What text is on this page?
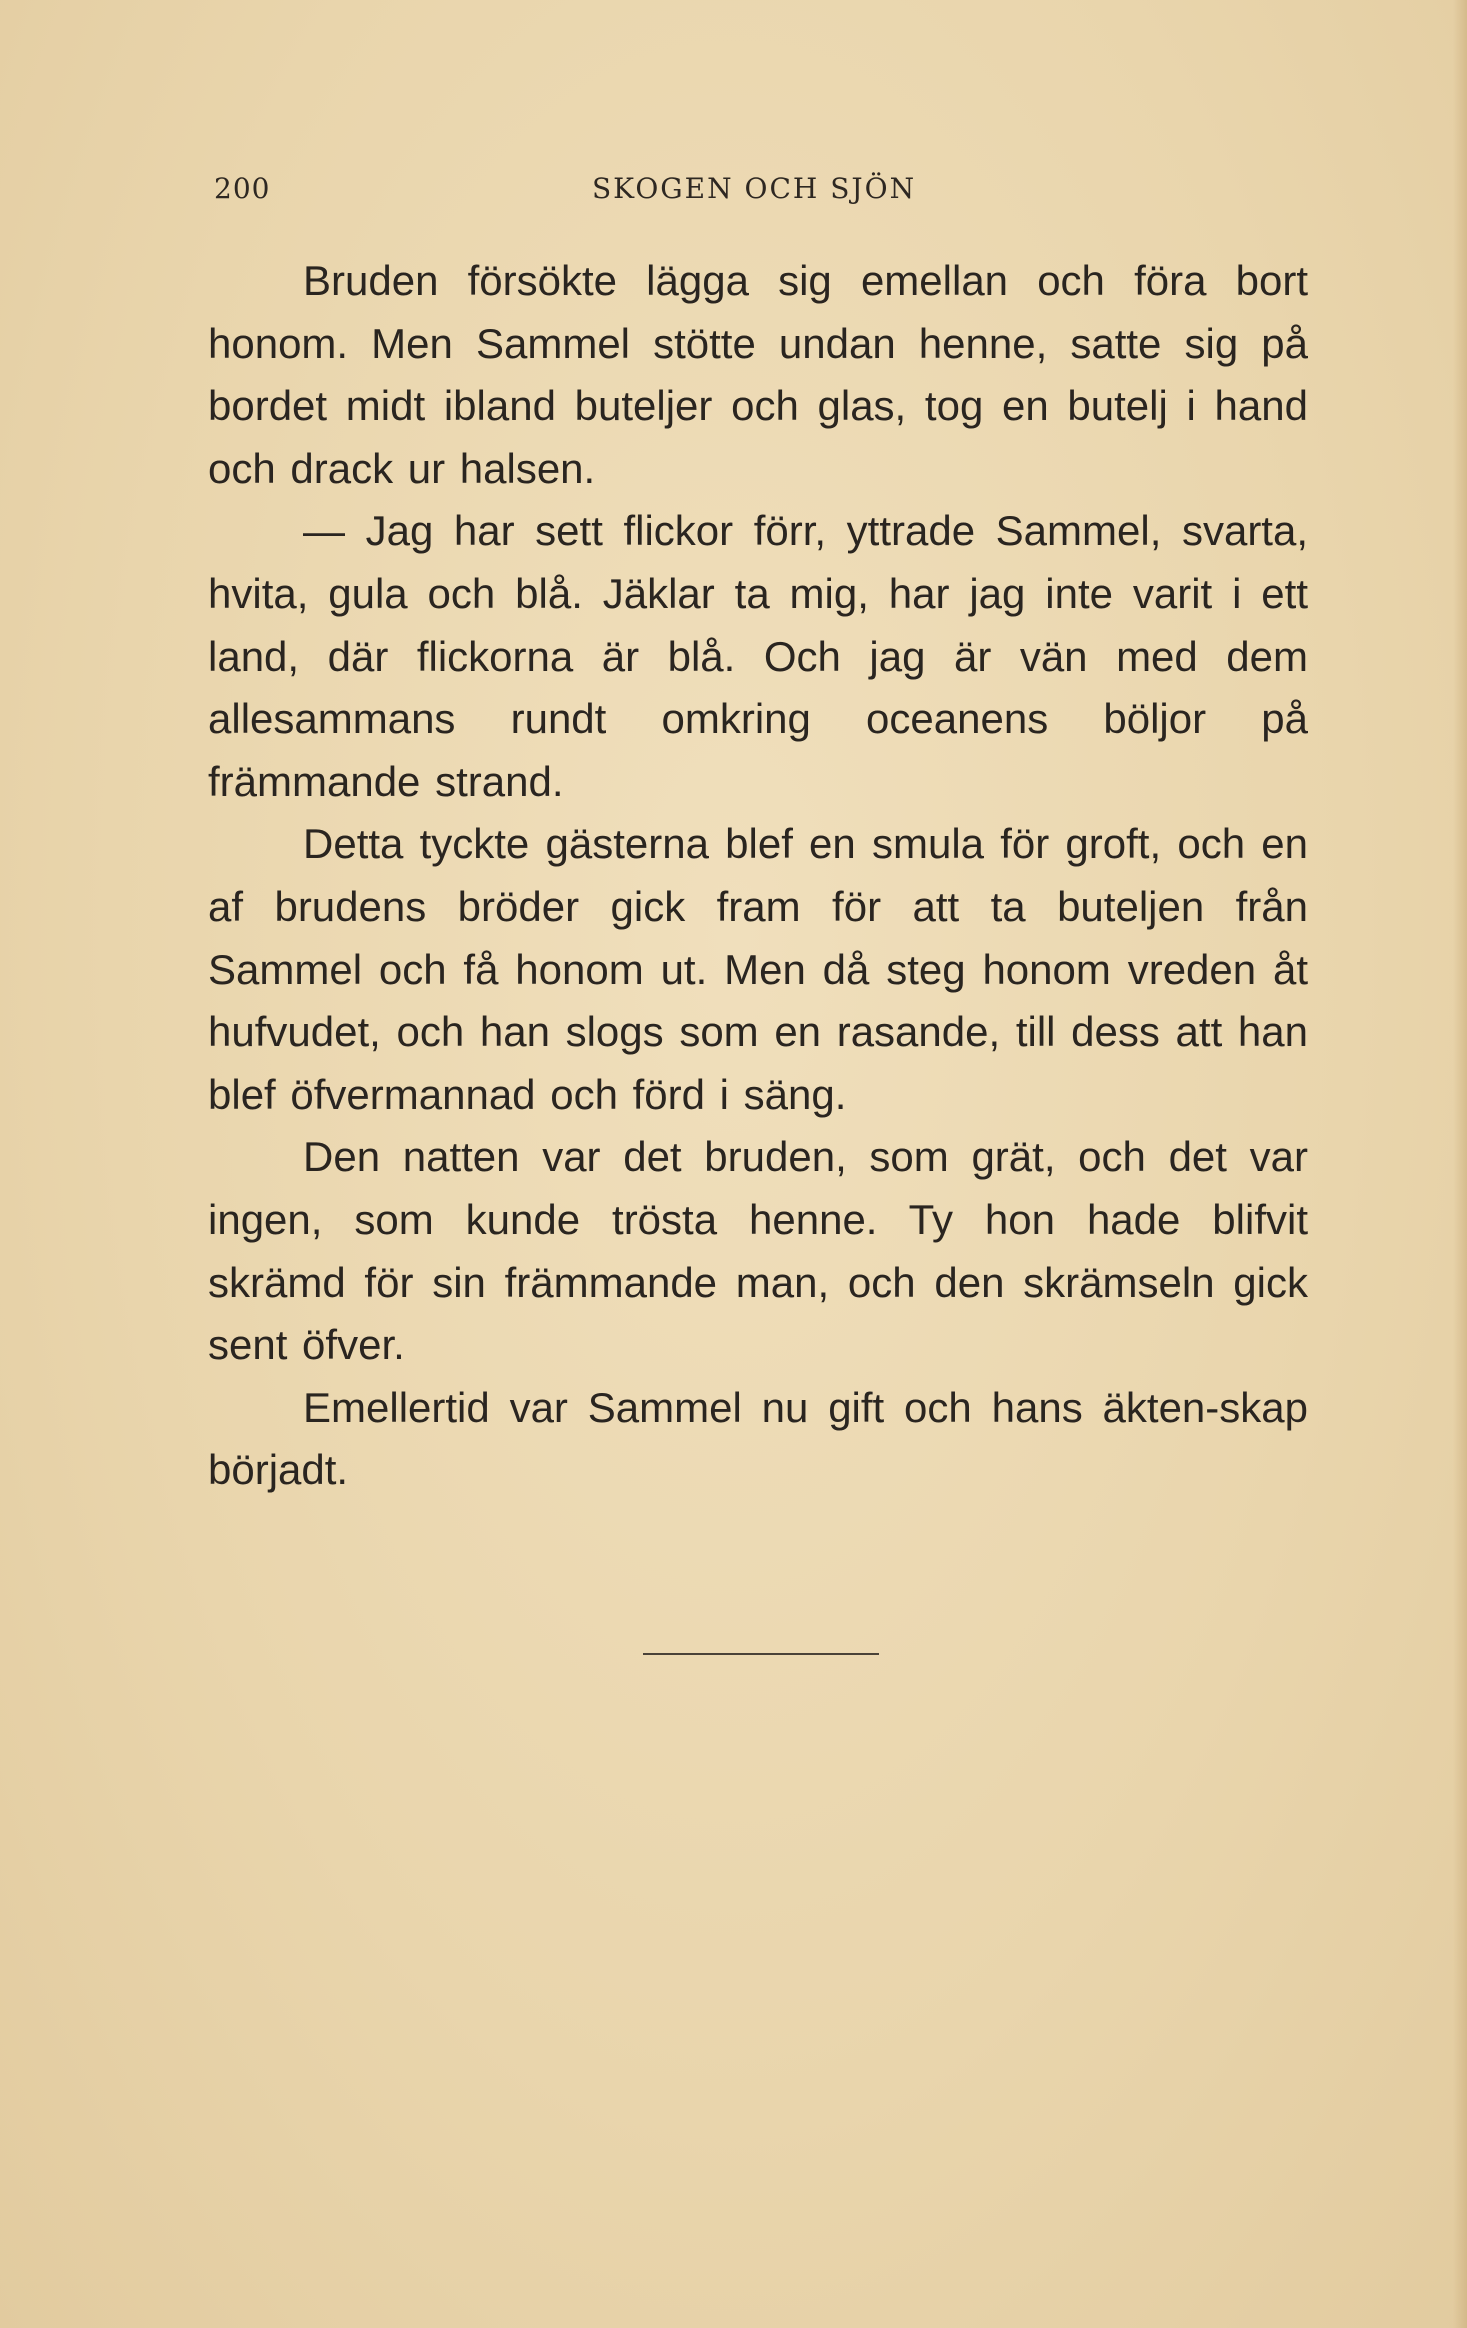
200	SKOGEN OCH SJÖN

Bruden försökte lägga sig emellan och föra bort honom. Men Sammel stötte undan henne, satte sig på bordet midt ibland buteljer och glas, tog en butelj i hand och drack ur halsen.

— Jag har sett flickor förr, yttrade Sammel, svarta, hvita, gula och blå. Jäklar ta mig, har jag inte varit i ett land, där flickorna är blå. Och jag är vän med dem allesammans rundt omkring oceanens böljor på främmande strand.

Detta tyckte gästerna blef en smula för groft, och en af brudens bröder gick fram för att ta buteljen från Sammel och få honom ut. Men då steg honom vreden åt hufvudet, och han slogs som en rasande, till dess att han blef öfvermannad och förd i säng.

Den natten var det bruden, som grät, och det var ingen, som kunde trösta henne. Ty hon hade blifvit skrämd för sin främmande man, och den skrämseln gick sent öfver.

Emellertid var Sammel nu gift och hans äkten-skap börjadt.
